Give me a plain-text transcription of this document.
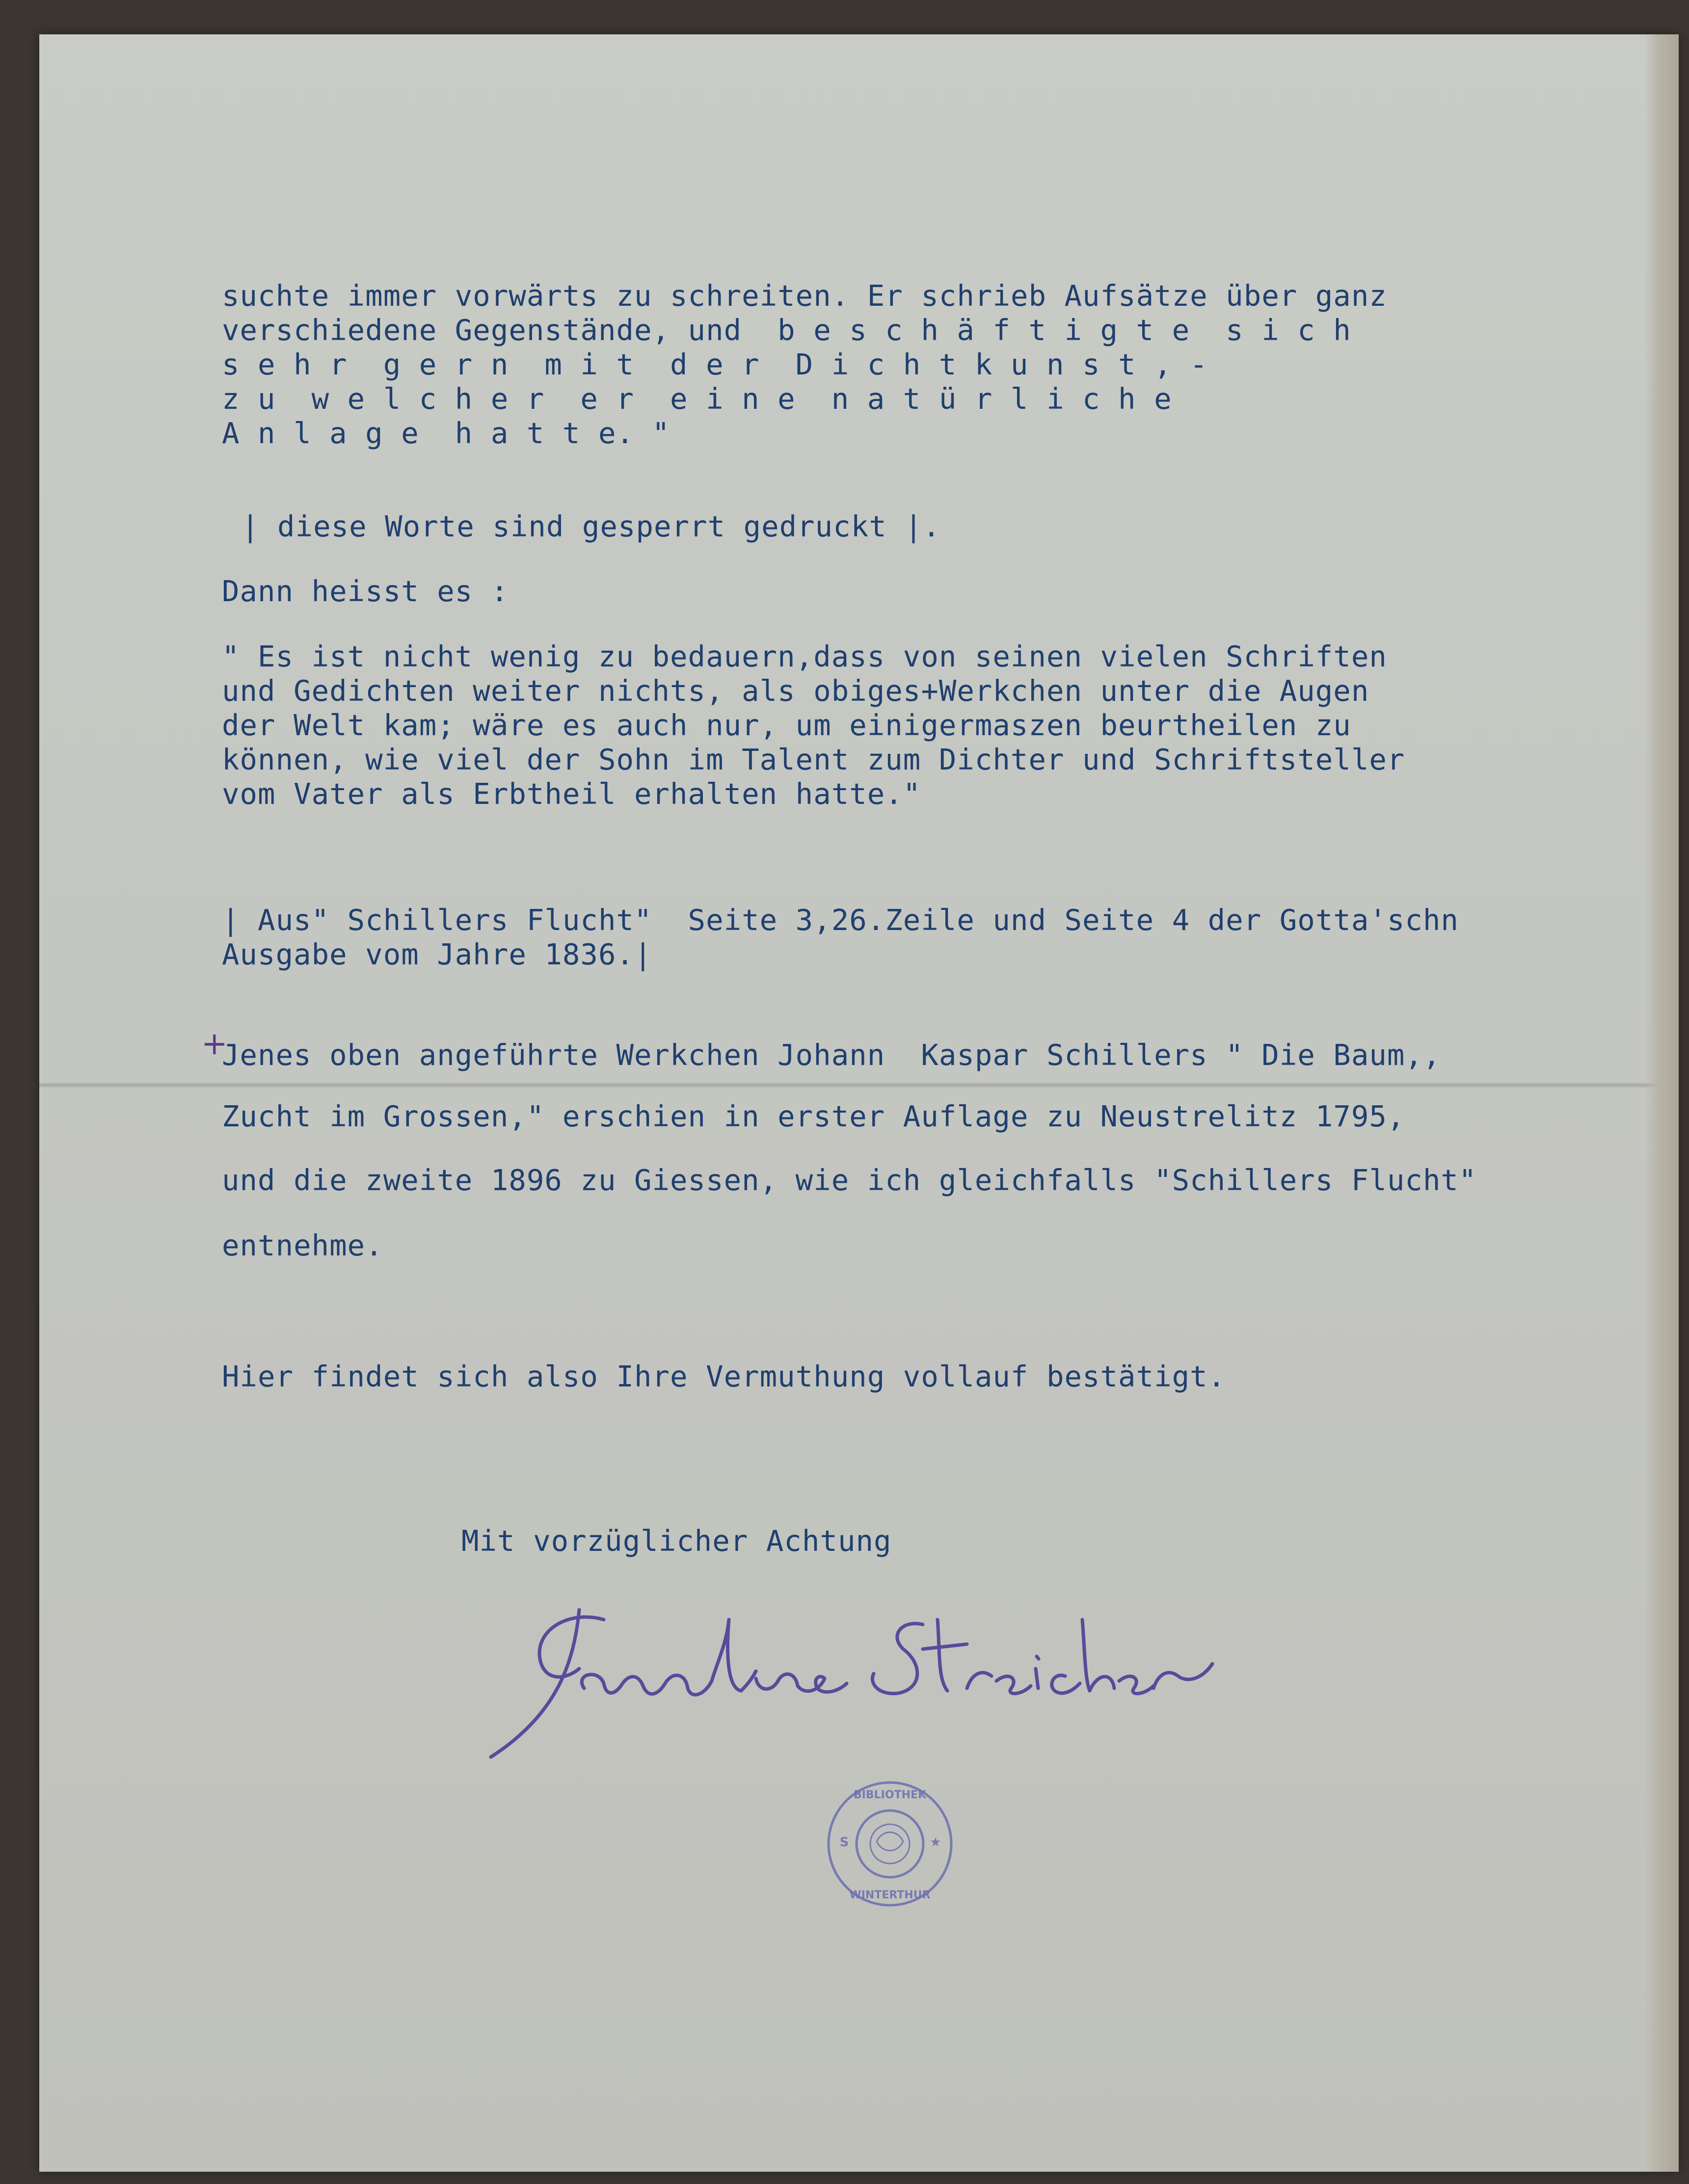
suchte immer vorwärts zu schreiten. Er schrieb Aufsätze über ganz

verschiedene Gegenstände, und  b e s c h ä f t i g t e  s i c h

s e h r  g e r n  m i t  d e r  D i c h t k u n s t , -

z u  w e l c h e r  e r  e i n e  n a t ü r l i c h e

A n l a g e  h a t t e. "

| diese Worte sind gesperrt gedruckt |.

Dann heisst es :

" Es ist nicht wenig zu bedauern,dass von seinen vielen Schriften

und Gedichten weiter nichts, als obiges+Werkchen unter die Augen

der Welt kam; wäre es auch nur, um einigermaszen beurtheilen zu

können, wie viel der Sohn im Talent zum Dichter und Schriftsteller

vom Vater als Erbtheil erhalten hatte."

| Aus" Schillers Flucht"  Seite 3,26.Zeile und Seite 4 der Gotta'schn

Ausgabe vom Jahre 1836.|

+

Jenes oben angeführte Werkchen Johann  Kaspar Schillers " Die Baum,,

Zucht im Grossen," erschien in erster Auflage zu Neustrelitz 1795,

und die zweite 1896 zu Giessen, wie ich gleichfalls "Schillers Flucht"

entnehme.

Hier findet sich also Ihre Vermuthung vollauf bestätigt.

Mit vorzüglicher Achtung

S	★
BIBLIOTHEK
WINTERTHUR
